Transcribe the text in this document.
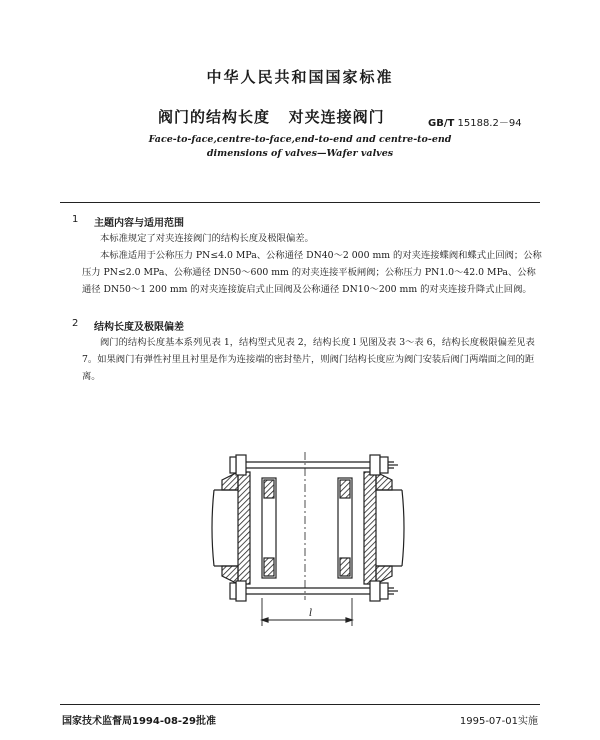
中华人民共和国国家标准
阀门的结构长度   对夹连接阀门	GB/T 15188.2－94
Face-to-face,centre-to-face,end-to-end and centre-to-end
dimensions of valves—Wafer valves
1 主题内容与适用范围
本标准规定了对夹连接阀门的结构长度及极限偏差。
本标准适用于公称压力 PN≤4.0 MPa、公称通径 DN40～2 000 mm 的对夹连接蝶阀和蝶式止回阀；公称压力 PN≤2.0 MPa、公称通径 DN50～600 mm 的对夹连接平板闸阀；公称压力 PN1.0～42.0 MPa、公称通径 DN50～1 200 mm 的对夹连接旋启式止回阀及公称通径 DN10～200 mm 的对夹连接升降式止回阀。
2 结构长度及极限偏差
阀门的结构长度基本系列见表 1，结构型式见表 2，结构长度 l 见图及表 3～表 6，结构长度极限偏差见表 7。如果阀门有弹性衬里且衬里是作为连接端的密封垫片，则阀门结构长度应为阀门安装后阀门两端面之间的距离。
l
国家技术监督局1994-08-29批准	1995-07-01实施
